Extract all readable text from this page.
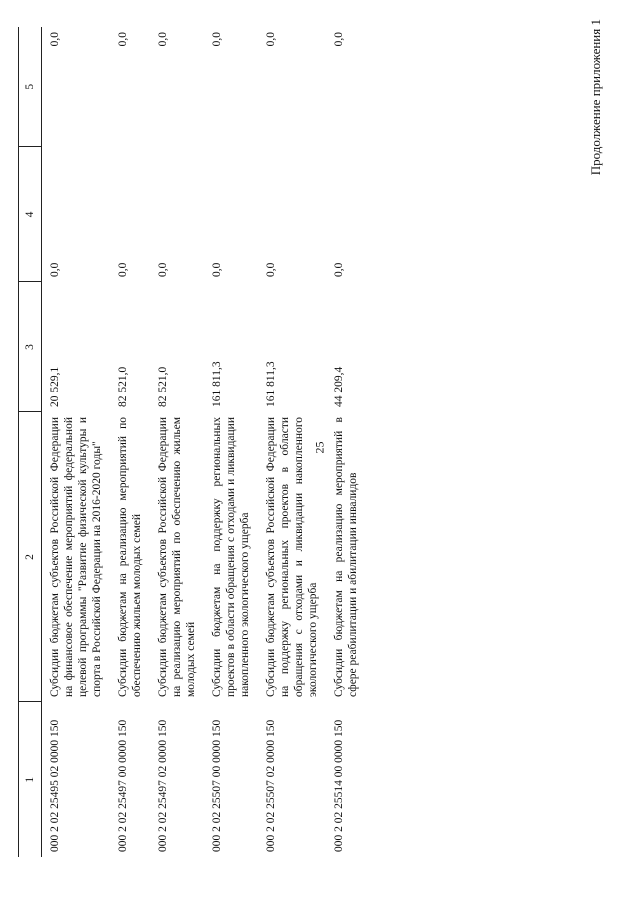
25
Продолжение приложения 1
1	2	3	4	5
000 2 02 25495 02 0000 150	Субсидии бюджетам субъектов Российской Федерации на финансовое обеспечение мероприятий федеральной целевой программы "Развитие физической культуры и спорта в Российской Федерации на 2016-2020 годы"	20 529,1	0,0	0,0
000 2 02 25497 00 0000 150	Субсидии бюджетам на реализацию мероприятий по обеспечению жильем молодых семей	82 521,0	0,0	0,0
000 2 02 25497 02 0000 150	Субсидии бюджетам субъектов Российской Федерации на реализацию мероприятий по обеспечению жильем молодых семей	82 521,0	0,0	0,0
000 2 02 25507 00 0000 150	Субсидии бюджетам на поддержку региональных проектов в области обращения с отходами и ликвидации накопленного экологического ущерба	161 811,3	0,0	0,0
000 2 02 25507 02 0000 150	Субсидии бюджетам субъектов Российской Федерации на поддержку региональных проектов в области обращения с отходами и ликвидации накопленного экологического ущерба	161 811,3	0,0	0,0
000 2 02 25514 00 0000 150	Субсидии бюджетам на реализацию мероприятий в сфере реабилитации и абилитации инвалидов	44 209,4	0,0	0,0
